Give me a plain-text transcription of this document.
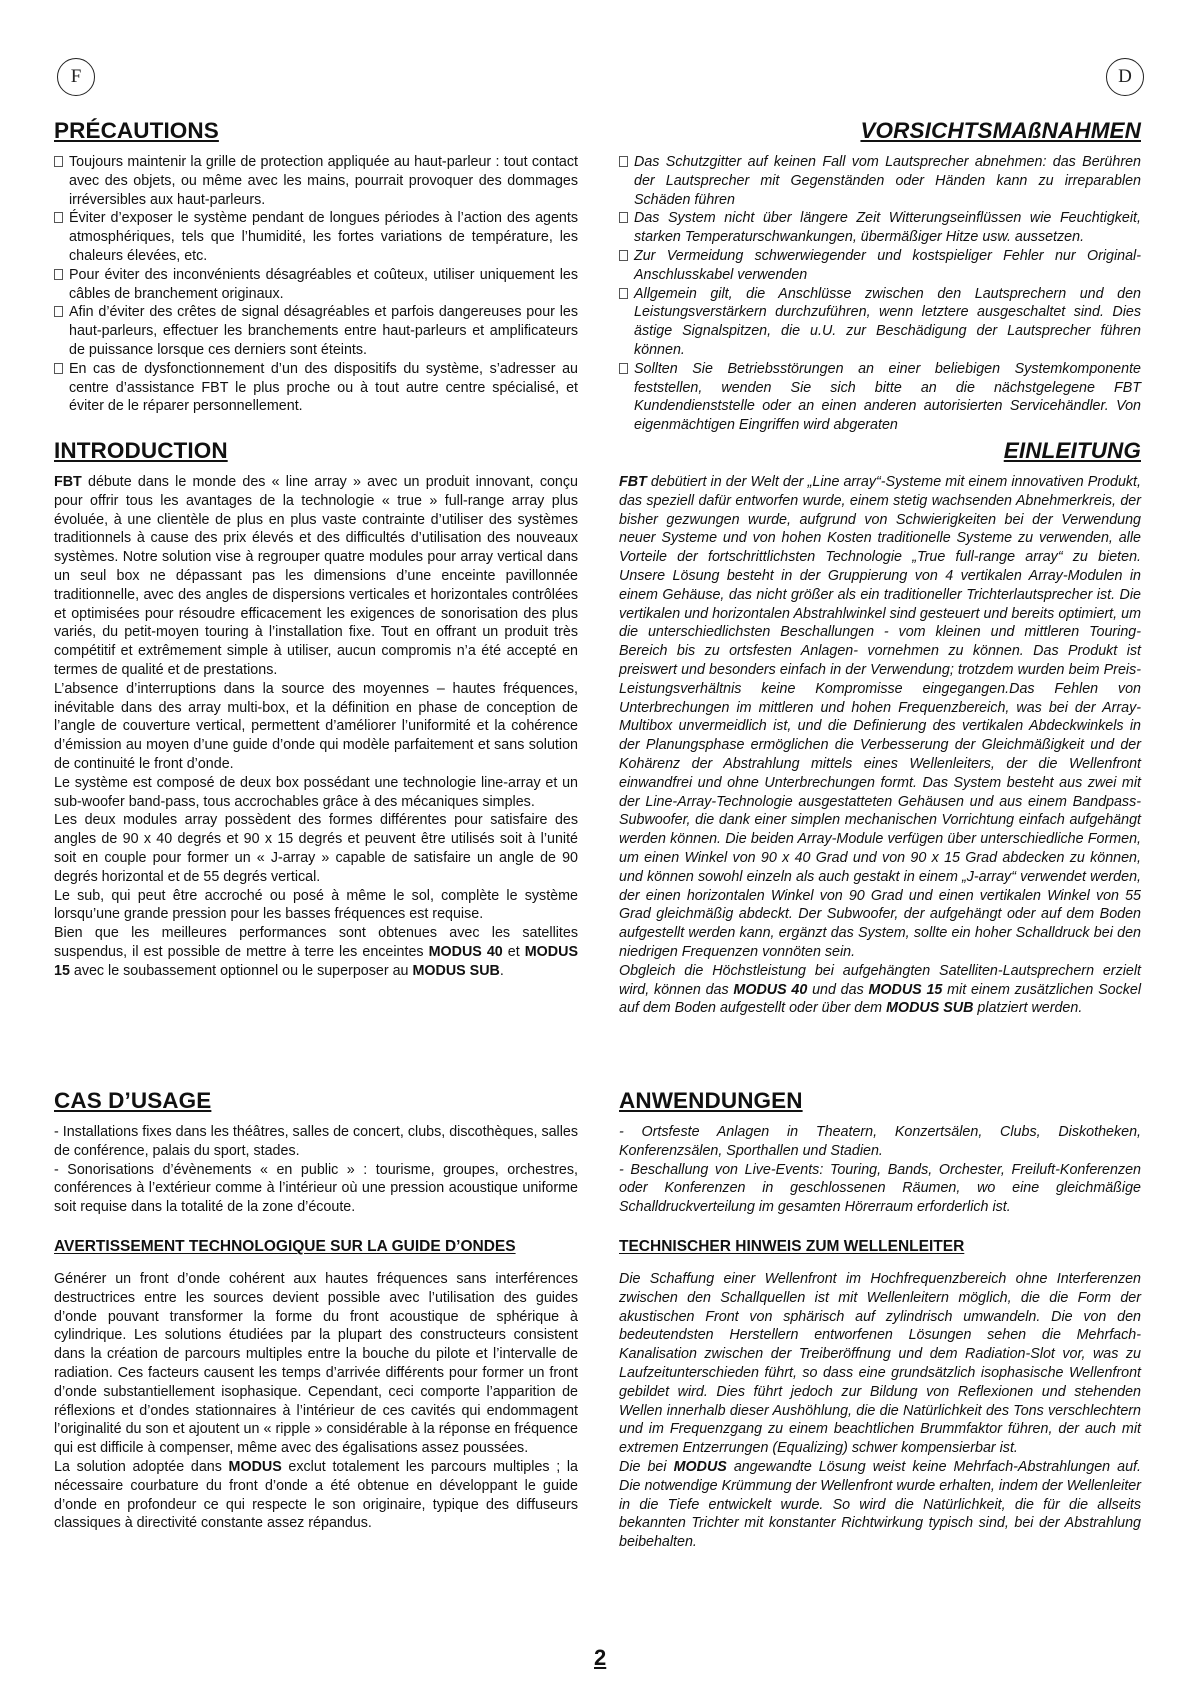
F	D
PRÉCAUTIONS
Toujours maintenir la grille de protection appliquée au haut-parleur : tout contact avec des objets, ou même avec les mains, pourrait provoquer des dommages irréversibles aux haut-parleurs.
Éviter d’exposer le système pendant de longues périodes à l’action des agents atmosphériques, tels que l’humidité, les fortes variations de température, les chaleurs élevées, etc.
Pour éviter des inconvénients désagréables et coûteux, utiliser uniquement les câbles de branchement originaux.
Afin d’éviter des crêtes de signal désagréables et parfois dangereuses pour les haut-parleurs, effectuer les branchements entre haut-parleurs et amplificateurs de puissance lorsque ces derniers sont éteints.
En cas de dysfonctionnement d’un des dispositifs du système, s’adresser au centre d’assistance FBT le plus proche ou à tout autre centre spécialisé, et éviter de le réparer personnellement.
INTRODUCTION

FBT débute dans le monde des « line array » avec un produit innovant, conçu pour offrir tous les avantages de la technologie « true » full-range array plus évoluée, à une clientèle de plus en plus vaste contrainte d’utiliser des systèmes traditionnels à cause des prix élevés et des difficultés d’utilisation des nouveaux systèmes. Notre solution vise à regrouper quatre modules pour array vertical dans un seul box ne dépassant pas les dimensions d’une enceinte pavillonnée traditionnelle, avec des angles de dispersions verticales et horizontales contrôlées et optimisées pour résoudre efficacement les exigences de sonorisation des plus variés, du petit-moyen touring à l’installation fixe. Tout en offrant un produit très compétitif et extrêmement simple à utiliser, aucun compromis n’a été accepté en termes de qualité et de prestations.

L’absence d’interruptions dans la source des moyennes – hautes fréquences, inévitable dans des array multi-box, et la définition en phase de conception de l’angle de couverture vertical, permettent d’améliorer l’uniformité et la cohérence d’émission au moyen d’une guide d’onde qui modèle parfaitement et sans solution de continuité le front d’onde.

Le système est composé de deux box possédant une technologie line-array et un sub-woofer band-pass, tous accrochables grâce à des mécaniques simples.

Les deux modules array possèdent des formes différentes pour satisfaire des angles de 90 x 40 degrés et 90 x 15 degrés et peuvent être utilisés soit à l’unité soit en couple pour former un « J-array » capable de satisfaire un angle de 90 degrés horizontal et de 55 degrés vertical.

Le sub, qui peut être accroché ou posé à même le sol, complète le système lorsqu’une grande pression pour les basses fréquences est requise.

Bien que les meilleures performances sont obtenues avec les satellites suspendus, il est possible de mettre à terre les enceintes MODUS 40 et MODUS 15 avec le soubassement optionnel ou le superposer au MODUS SUB.

CAS D’USAGE

- Installations fixes dans les théâtres, salles de concert, clubs, discothèques, salles de conférence, palais du sport, stades.

- Sonorisations d’évènements « en public » : tourisme, groupes, orchestres, conférences à l’extérieur comme à l’intérieur où une pression acoustique uniforme soit requise dans la totalité de la zone d’écoute.

AVERTISSEMENT TECHNOLOGIQUE SUR LA GUIDE D’ONDES

Générer un front d’onde cohérent aux hautes fréquences sans interférences destructrices entre les sources devient possible avec l’utilisation des guides d’onde pouvant transformer la forme du front acoustique de sphérique à cylindrique. Les solutions étudiées par la plupart des constructeurs consistent dans la création de parcours multiples entre la bouche du pilote et l’intervalle de radiation. Ces facteurs causent les temps d’arrivée différents pour former un front d’onde substantiellement isophasique. Cependant, ceci comporte l’apparition de réflexions et d’ondes stationnaires à l’intérieur de ces cavités qui endommagent l’originalité du son et ajoutent un « ripple » considérable à la réponse en fréquence qui est difficile à compenser, même avec des égalisations assez poussées.

La solution adoptée dans MODUS exclut totalement les parcours multiples ; la nécessaire courbature du front d’onde a été obtenue en développant le guide d’onde en profondeur ce qui respecte le son originaire, typique des diffuseurs classiques à directivité constante assez répandus.

VORSICHTSMAßNAHMEN
Das Schutzgitter auf keinen Fall vom Lautsprecher abnehmen: das Berühren der Lautsprecher mit Gegenständen oder Händen kann zu irreparablen Schäden führen
Das System nicht über längere Zeit Witterungseinflüssen wie Feuchtigkeit, starken Temperaturschwankungen, übermäßiger Hitze usw. aussetzen.
Zur Vermeidung schwerwiegender und kostspieliger Fehler nur Original-Anschlusskabel verwenden
Allgemein gilt, die Anschlüsse zwischen den Lautsprechern und den Leistungsverstärkern durchzuführen, wenn letztere ausgeschaltet sind. Dies ästige Signalspitzen, die u.U. zur Beschädigung der Lautsprecher führen können.
Sollten Sie Betriebsstörungen an einer beliebigen Systemkomponente feststellen, wenden Sie sich bitte an die nächstgelegene FBT Kundendienststelle oder an einen anderen autorisierten Servicehändler. Von eigenmächtigen Eingriffen wird abgeraten
EINLEITUNG

FBT debütiert in der Welt der „Line array“-Systeme mit einem innovativen Produkt, das speziell dafür entworfen wurde, einem stetig wachsenden Abnehmerkreis, der bisher gezwungen wurde, aufgrund von Schwierigkeiten bei der Verwendung neuer Systeme und von hohen Kosten traditionelle Systeme zu verwenden, alle Vorteile der fortschrittlichsten Technologie „True full-range array“ zu bieten. Unsere Lösung besteht in der Gruppierung von 4 vertikalen Array-Modulen in einem Gehäuse, das nicht größer als ein traditioneller Trichterlautsprecher ist. Die vertikalen und horizontalen Abstrahlwinkel sind gesteuert und bereits optimiert, um die unterschiedlichsten Beschallungen - vom kleinen und mittleren Touring-Bereich bis zu ortsfesten Anlagen- vornehmen zu können. Das Produkt ist preiswert und besonders einfach in der Verwendung; trotzdem wurden beim Preis-Leistungsverhältnis keine Kompromisse eingegangen.Das Fehlen von Unterbrechungen im mittleren und hohen Frequenzbereich, was bei der Array-Multibox unvermeidlich ist, und die Definierung des vertikalen Abdeckwinkels in der Planungsphase ermöglichen die Verbesserung der Gleichmäßigkeit und der Kohärenz der Abstrahlung mittels eines Wellenleiters, der die Wellenfront einwandfrei und ohne Unterbrechungen formt. Das System besteht aus zwei mit der Line-Array-Technologie ausgestatteten Gehäusen und aus einem Bandpass-Subwoofer, die dank einer simplen mechanischen Vorrichtung einfach aufgehängt werden können. Die beiden Array-Module verfügen über unterschiedliche Formen, um einen Winkel von 90 x 40 Grad und von 90 x 15 Grad abdecken zu können, und können sowohl einzeln als auch gestakt in einem „J-array“ verwendet werden, der einen horizontalen Winkel von 90 Grad und einen vertikalen Winkel von 55 Grad gleichmäßig abdeckt. Der Subwoofer, der aufgehängt oder auf dem Boden aufgestellt werden kann, ergänzt das System, sollte ein hoher Schalldruck bei den niedrigen Frequenzen vonnöten sein.

Obgleich die Höchstleistung bei aufgehängten Satelliten-Lautsprechern erzielt wird, können das MODUS 40 und das MODUS 15 mit einem zusätzlichen Sockel auf dem Boden aufgestellt oder über dem MODUS SUB platziert werden.

ANWENDUNGEN

- Ortsfeste Anlagen in Theatern, Konzertsälen, Clubs, Diskotheken, Konferenzsälen, Sporthallen und Stadien.

- Beschallung von Live-Events: Touring, Bands, Orchester, Freiluft-Konferenzen oder Konferenzen in geschlossenen Räumen, wo eine gleichmäßige Schalldruckverteilung im gesamten Hörerraum erforderlich ist.

TECHNISCHER HINWEIS ZUM WELLENLEITER

Die Schaffung einer Wellenfront im Hochfrequenzbereich ohne Interferenzen zwischen den Schallquellen ist mit Wellenleitern möglich, die die Form der akustischen Front von sphärisch auf zylindrisch umwandeln. Die von den bedeutendsten Herstellern entworfenen Lösungen sehen die Mehrfach-Kanalisation zwischen der Treiberöffnung und dem Radiation-Slot vor, was zu Laufzeitunterschieden führt, so dass eine grundsätzlich isophasische Wellenfront gebildet wird. Dies führt jedoch zur Bildung von Reflexionen und stehenden Wellen innerhalb dieser Aushöhlung, die die Natürlichkeit des Tons verschlechtern und im Frequenzgang zu einem beachtlichen Brummfaktor führen, der auch mit extremen Entzerrungen (Equalizing) schwer kompensierbar ist.

Die bei MODUS angewandte Lösung weist keine Mehrfach-Abstrahlungen auf. Die notwendige Krümmung der Wellenfront wurde erhalten, indem der Wellenleiter in die Tiefe entwickelt wurde. So wird die Natürlichkeit, die für die allseits bekannten Trichter mit konstanter Richtwirkung typisch sind, bei der Abstrahlung beibehalten.

2
